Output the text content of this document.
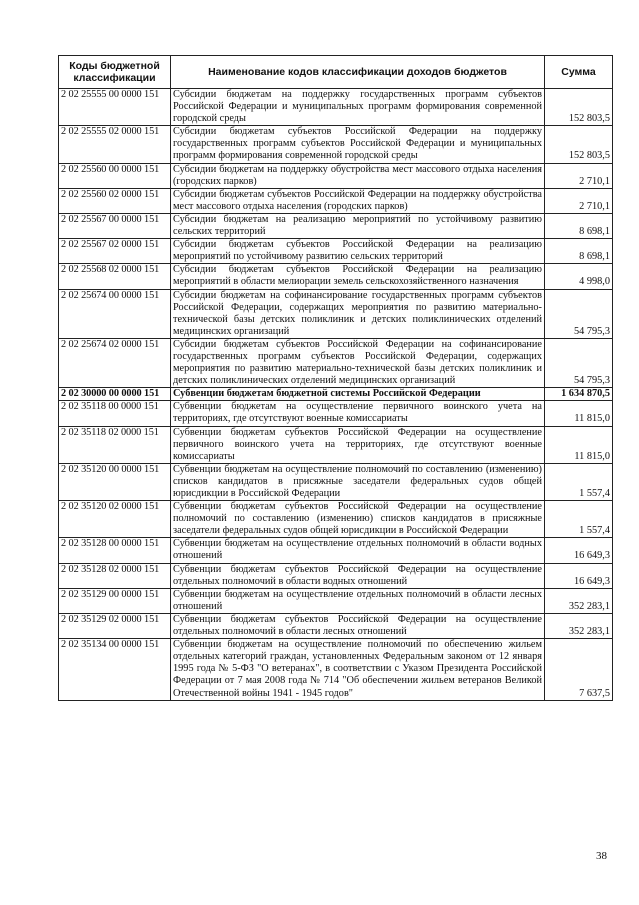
Коды бюджетной классификации	Наименование кодов классификации доходов бюджетов	Сумма
2 02 25555 00 0000 151	Субсидии бюджетам на поддержку государственных программ субъектов Российской Федерации и муниципальных программ формирования современной городской среды	152 803,5
2 02 25555 02 0000 151	Субсидии бюджетам субъектов Российской Федерации на поддержку государственных программ субъектов Российской Федерации и муниципальных программ формирования современной городской среды	152 803,5
2 02 25560 00 0000 151	Субсидии бюджетам на поддержку обустройства мест массового отдыха населения (городских парков)	2 710,1
2 02 25560 02 0000 151	Субсидии бюджетам субъектов Российской Федерации на поддержку обустройства мест массового отдыха населения (городских парков)	2 710,1
2 02 25567 00 0000 151	Субсидии бюджетам на реализацию мероприятий по устойчивому развитию сельских территорий	8 698,1
2 02 25567 02 0000 151	Субсидии бюджетам субъектов Российской Федерации на реализацию мероприятий по устойчивому развитию сельских территорий	8 698,1
2 02 25568 02 0000 151	Субсидии бюджетам субъектов Российской Федерации на реализацию мероприятий в области мелиорации земель сельскохозяйственного назначения	4 998,0
2 02 25674 00 0000 151	Субсидии бюджетам на софинансирование государственных программ субъектов Российской Федерации, содержащих мероприятия по развитию материально-технической базы детских поликлиник и детских поликлинических отделений медицинских организаций	54 795,3
2 02 25674 02 0000 151	Субсидии бюджетам субъектов Российской Федерации на софинансирование государственных программ субъектов Российской Федерации, содержащих мероприятия по развитию материально-технической базы детских поликлиник и детских поликлинических отделений медицинских организаций	54 795,3
2 02 30000 00 0000 151	Субвенции бюджетам бюджетной системы Российской Федерации	1 634 870,5
2 02 35118 00 0000 151	Субвенции бюджетам на осуществление первичного воинского учета на территориях, где отсутствуют военные комиссариаты	11 815,0
2 02 35118 02 0000 151	Субвенции бюджетам субъектов Российской Федерации на осуществление первичного воинского учета на территориях, где отсутствуют военные комиссариаты	11 815,0
2 02 35120 00 0000 151	Субвенции бюджетам на осуществление полномочий по составлению (изменению) списков кандидатов в присяжные заседатели федеральных судов общей юрисдикции в Российской Федерации	1 557,4
2 02 35120 02 0000 151	Субвенции бюджетам субъектов Российской Федерации на осуществление полномочий по составлению (изменению) списков кандидатов в присяжные заседатели федеральных судов общей юрисдикции в Российской Федерации	1 557,4
2 02 35128 00 0000 151	Субвенции бюджетам на осуществление отдельных полномочий в области водных отношений	16 649,3
2 02 35128 02 0000 151	Субвенции бюджетам субъектов Российской Федерации на осуществление отдельных полномочий в области водных отношений	16 649,3
2 02 35129 00 0000 151	Субвенции бюджетам на осуществление отдельных полномочий в области лесных отношений	352 283,1
2 02 35129 02 0000 151	Субвенции бюджетам субъектов Российской Федерации на осуществление отдельных полномочий в области лесных отношений	352 283,1
2 02 35134 00 0000 151	Субвенции бюджетам на осуществление полномочий по обеспечению жильем отдельных категорий граждан, установленных Федеральным законом от 12 января 1995 года № 5-ФЗ "О ветеранах", в соответствии с Указом Президента Российской Федерации от 7 мая 2008 года № 714 "Об обеспечении жильем ветеранов Великой Отечественной войны 1941 - 1945 годов"	7 637,5
38
